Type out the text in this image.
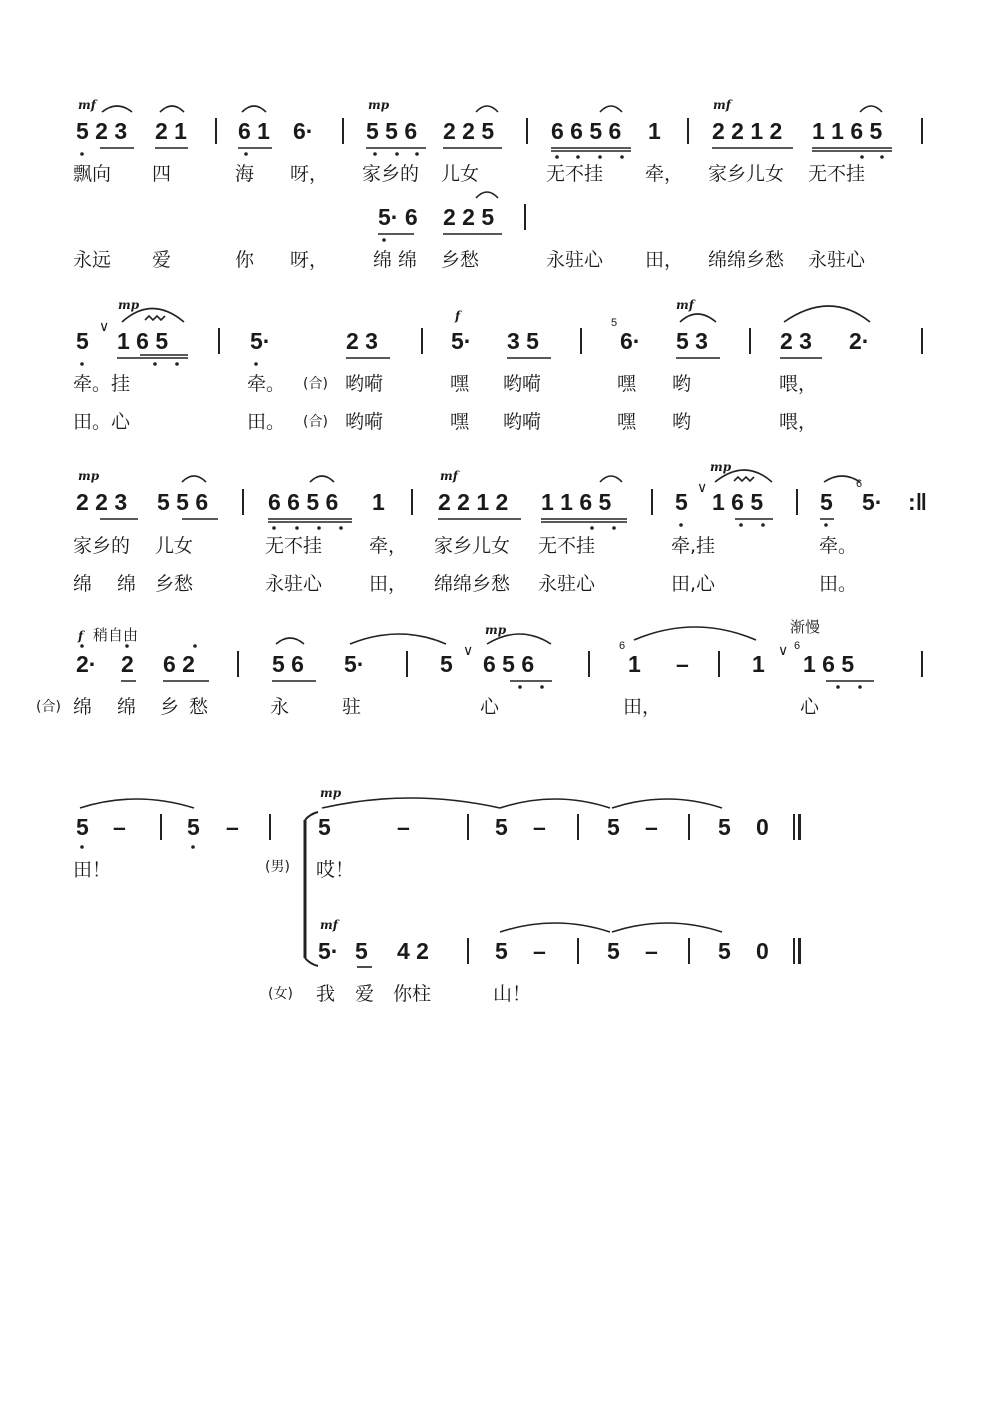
mf	mp	mf
5 2 3 2 1 6 1 6· 5 5 6 2 2 5 6 6 5 6 1 2 2 1 2 1 1 6 5
飘向 四	海 呀， 家乡的 儿女	无不挂 牵， 家乡儿女 无不挂
5· 6 2 2 5
永远 爱	你 呀， 绵 绵 乡愁	永驻心 田， 绵绵乡愁 永驻心
mp
f
mf
5
∨
1 6 5	5·	2 3	5· 3 5
5
6· 5 3	2 3 2·
牵。挂	牵。 (合) 哟嗬	嘿 哟嗬	嘿 哟	喂，
田。心	田。 (合) 哟嗬	嘿 哟嗬	嘿 哟	喂，
mp	mf
mp
2 2 3 5 5 6	6 6 5 6 1 2 2 1 2 1 1 6 5	5
∨
1 6 5 5
6
5· :‖
家乡的 儿女	无不挂 牵， 家乡儿女 无不挂	牵,挂	牵。
绵 绵 乡愁	永驻心 田， 绵绵乡愁 永驻心	田,心	田。
f 稍自由	mp	渐慢
2· 2 6 2	5 6 5·	5 ∨ 6 5 6
6
1 –	1 ∨ 6
1 6 5
(合) 绵 绵 乡 愁	永	驻	心	田，	心
5 –	5 –
田！	(男)
(女)
mp
5	–	5 –	5 –	5 0
哎！
mf
5· 5 4 2	5 –	5 –	5 0
我 爱 你柱	山！
